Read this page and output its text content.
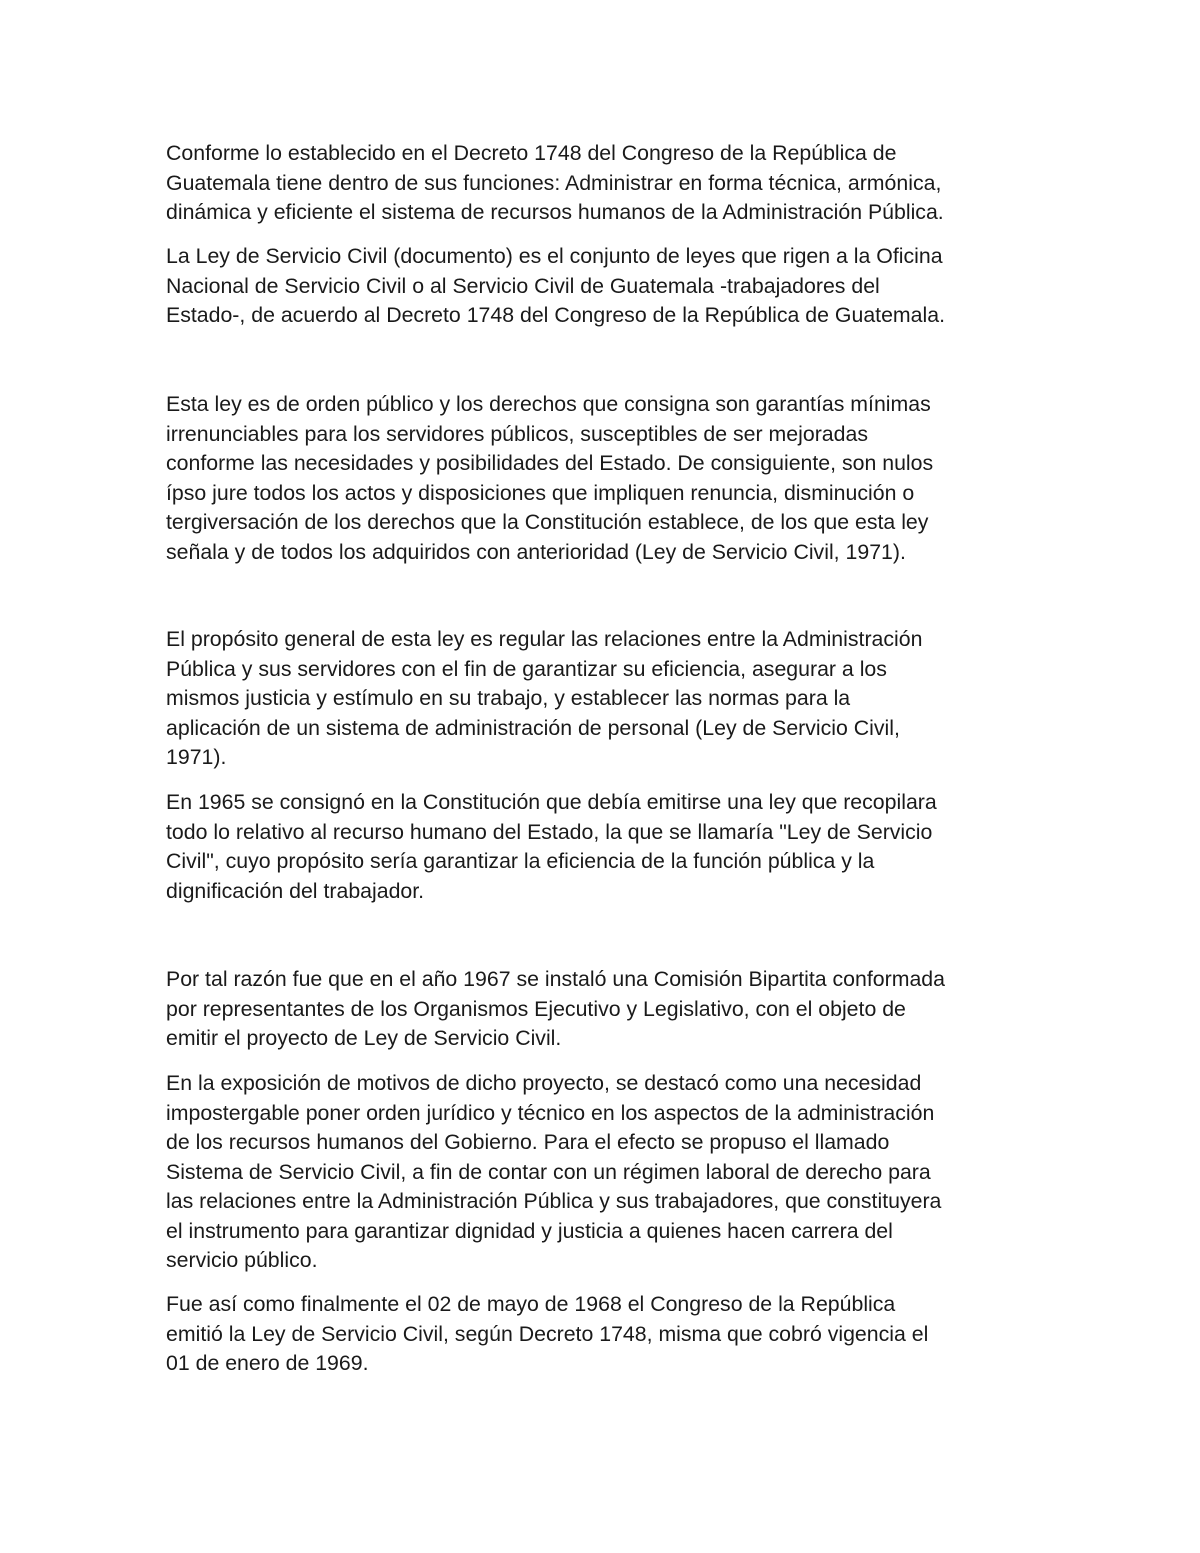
Conforme lo establecido en el Decreto 1748 del Congreso de la República de
Guatemala tiene dentro de sus funciones: Administrar en forma técnica, armónica,
dinámica y eficiente el sistema de recursos humanos de la Administración Pública.

La Ley de Servicio Civil (documento) es el conjunto de leyes que rigen a la Oficina
Nacional de Servicio Civil o al Servicio Civil de Guatemala -trabajadores del
Estado-, de acuerdo al Decreto 1748 del Congreso de la República de Guatemala.

Esta ley es de orden público y los derechos que consigna son garantías mínimas
irrenunciables para los servidores públicos, susceptibles de ser mejoradas
conforme las necesidades y posibilidades del Estado. De consiguiente, son nulos
ípso jure todos los actos y disposiciones que impliquen renuncia, disminución o
tergiversación de los derechos que la Constitución establece, de los que esta ley
señala y de todos los adquiridos con anterioridad (Ley de Servicio Civil, 1971).

El propósito general de esta ley es regular las relaciones entre la Administración
Pública y sus servidores con el fin de garantizar su eficiencia, asegurar a los
mismos justicia y estímulo en su trabajo, y establecer las normas para la
aplicación de un sistema de administración de personal (Ley de Servicio Civil,
1971).

En 1965 se consignó en la Constitución que debía emitirse una ley que recopilara
todo lo relativo al recurso humano del Estado, la que se llamaría "Ley de Servicio
Civil", cuyo propósito sería garantizar la eficiencia de la función pública y la
dignificación del trabajador.

Por tal razón fue que en el año 1967 se instaló una Comisión Bipartita conformada
por representantes de los Organismos Ejecutivo y Legislativo, con el objeto de
emitir el proyecto de Ley de Servicio Civil.

En la exposición de motivos de dicho proyecto, se destacó como una necesidad
impostergable poner orden jurídico y técnico en los aspectos de la administración
de los recursos humanos del Gobierno. Para el efecto se propuso el llamado
Sistema de Servicio Civil, a fin de contar con un régimen laboral de derecho para
las relaciones entre la Administración Pública y sus trabajadores, que constituyera
el instrumento para garantizar dignidad y justicia a quienes hacen carrera del
servicio público.

Fue así como finalmente el 02 de mayo de 1968 el Congreso de la República
emitió la Ley de Servicio Civil, según Decreto 1748, misma que cobró vigencia el
01 de enero de 1969.
